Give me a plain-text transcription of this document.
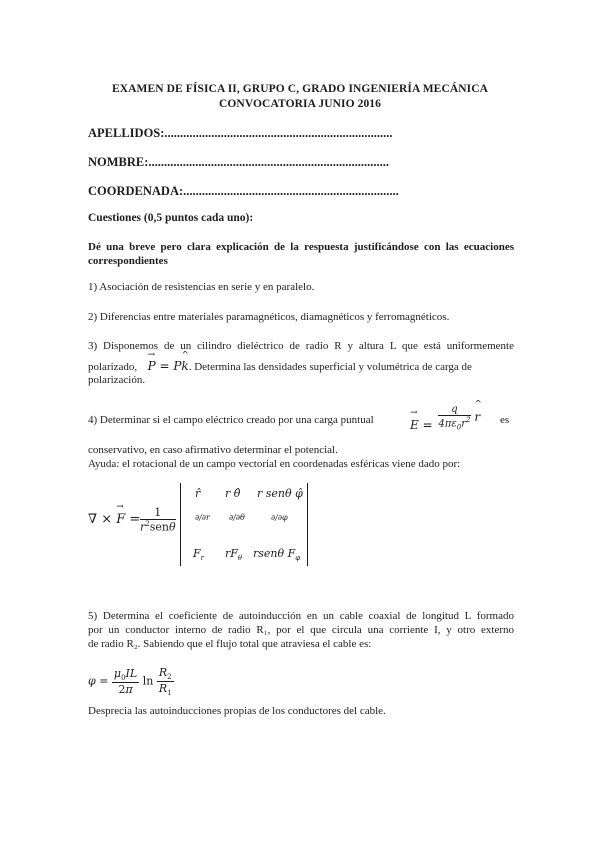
EXAMEN DE FÍSICA II, GRUPO C, GRADO INGENIERÍA MECÁNICA
CONVOCATORIA JUNIO 2016
APELLIDOS:.........................................................................
NOMBRE:.............................................................................
COORDENADA:.....................................................................
Cuestiones (0,5 puntos cada uno):
Dé una breve pero clara explicación de la respuesta justificándose con las ecuaciones correspondientes
1) Asociación de resistencias en serie y en paralelo.
2) Diferencias entre materiales paramagnéticos, diamagnéticos y ferromagnéticos.
3) Disponemos de un cilindro dieléctrico de radio R y altura L que está uniformemente
polarizado, P
→
= Pk
^
. Determina las densidades superficial y volumétrica de carga de
polarización.
4) Determinar si el campo eléctrico creado por una carga puntual	E
→
= $\frac{q}{4\pi\varepsilon_0r^2}$ r
^
es
conservativo, en caso afirmativo determinar el potencial.
Ayuda: el rotacional de un campo vectorial en coordenadas esféricas viene dado por:
∇ × F
→
= $\frac{1}{r^2sen\theta}$
r̂ r θ̂ r senθ φ̂
∂/∂r ∂/∂θ	∂/∂φ
$F_r$ $rF_\theta$ rsenθ $F_\varphi$
5) Determina el coeficiente de autoinducción en un cable coaxial de longitud L formado
por un conductor interno de radio R₁, por el que circula una corriente I, y otro externo
de radio R₂. Sabiendo que el flujo total que atraviesa el cable es:
$\varphi = \frac{\mu_0IL}{2\pi}$ $\ln \frac{R_2}{R_1}$
Desprecia las autoinducciones propias de los conductores del cable.
